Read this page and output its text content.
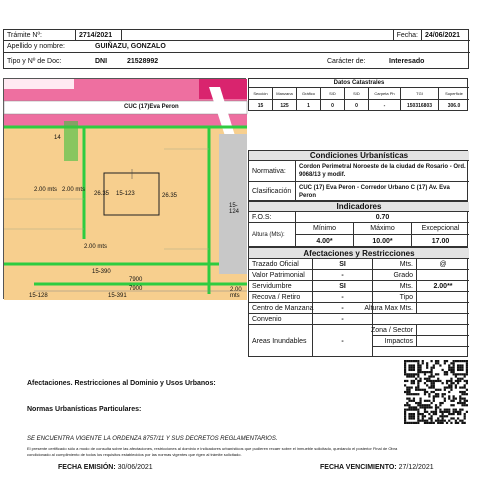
Trámite Nº:	2714/2021	Fecha:	24/06/2021
Apellido y nombre:	GUIÑAZU, GONZALO
Tipo y Nº de Doc:	DNI	21528992	Carácter de:	Interesado
CUC (17)Eva Peron
15-123
26.35	26.35
2.00 mts 2.00 mts
2.00 mts
2.00 mts
15-124
15-390
15-391
15-128
14
7900
7900
Datos Catastrales
Sección	Manzana	Gráfico	S/D	S/D	Carpeta Ph	TGI	Superficie
15	125	1	0	0	-	150316803	306.0
Condiciones Urbanísticas
Normativa:
Cordon Perimetral Noroeste de la ciudad de Rosario - Ord. 9068/13 y modif.
Clasificación
CUC (17) Eva Peron - Corredor Urbano C (17) Av. Eva Peron
Indicadores
F.O.S:	0.70
Altura (Mts):
Mínimo	Máximo	Excepcional
4.00*	10.00*	17.00
Afectaciones y Restricciones
Trazado Oficial	SI	Mts.	@
Valor Patrimonial	-	Grado
Servidumbre	SI	Mts.	2.00**
Recova / Retiro	-	Tipo
Centro de Manzana	-	Altura Max Mts.
Convenio	-
Areas Inundables	-
Zona / Sector
Impactos
Afectaciones. Restricciones al Dominio y Usos Urbanos:
Normas Urbanísticas Particulares:
SE ENCUENTRA VIGENTE LA ORDENZA 8757/11 Y SUS DECRETOS REGLAMENTARIOS.
El presente certificado sólo a modo de consulta sobre las afectaciones, restricciones al dominio e indicadores urbanísticos que pudieren recaer sobre el inmueble solicitado, quedando el posterior Final de Obra
condicionado al cumplimiento de todos los requisitos establecidos por las normas vigentes que rigen al trámite solicitado.
FECHA EMISIÓN: 30/06/2021	FECHA VENCIMIENTO: 27/12/2021
